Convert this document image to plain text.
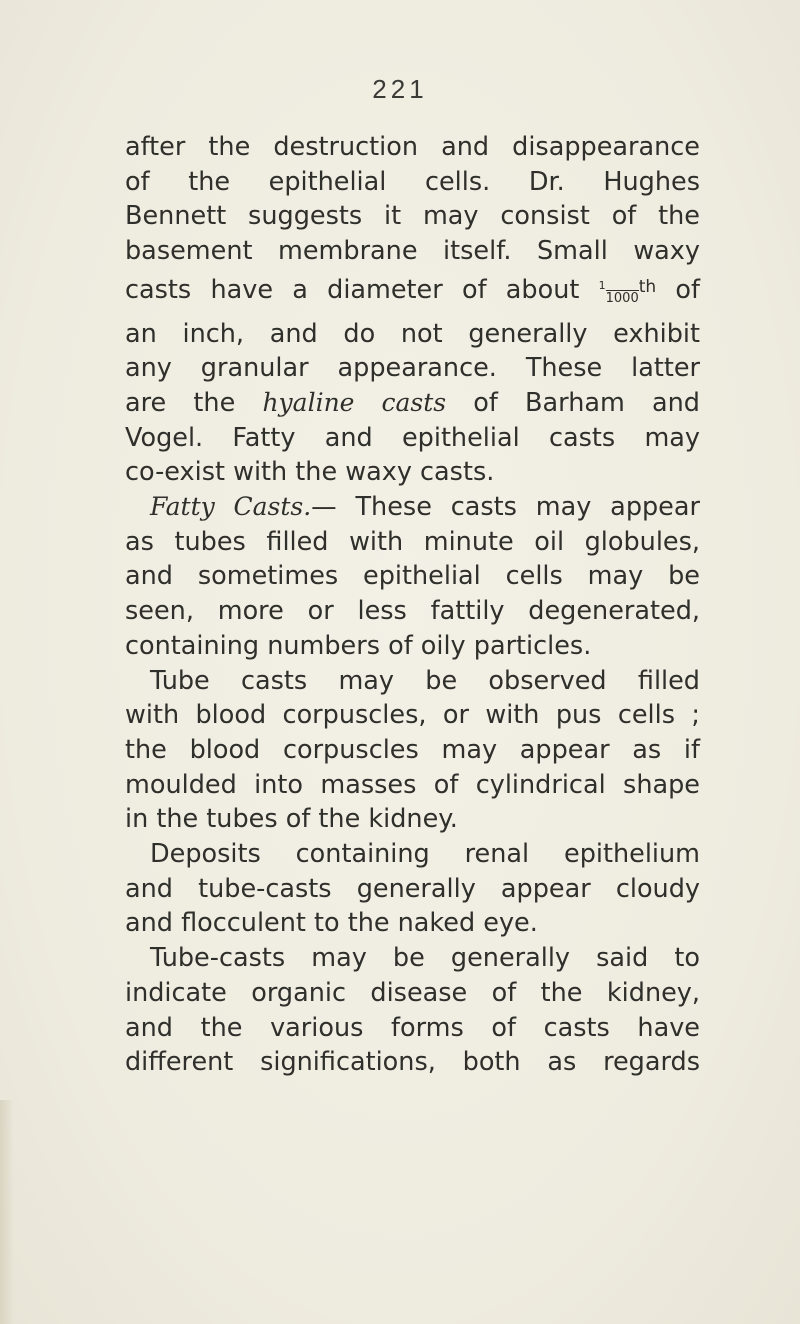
221
after the destruction and disappearance
of the epithelial cells. Dr. Hughes
Bennett suggests it may consist of the
basement membrane itself. Small waxy
casts have a diameter of about $^1$1000th of
an inch, and do not generally exhibit
any granular appearance. These latter
are the hyaline casts of Barham and
Vogel. Fatty and epithelial casts may
co-exist with the waxy casts.
Fatty Casts.— These casts may appear
as tubes filled with minute oil globules,
and sometimes epithelial cells may be
seen, more or less fattily degenerated,
containing numbers of oily particles.
Tube casts may be observed filled
with blood corpuscles, or with pus cells ;
the blood corpuscles may appear as if
moulded into masses of cylindrical shape
in the tubes of the kidney.
Deposits containing renal epithelium
and tube-casts generally appear cloudy
and flocculent to the naked eye.
Tube-casts may be generally said to
indicate organic disease of the kidney,
and the various forms of casts have
different significations, both as regards
